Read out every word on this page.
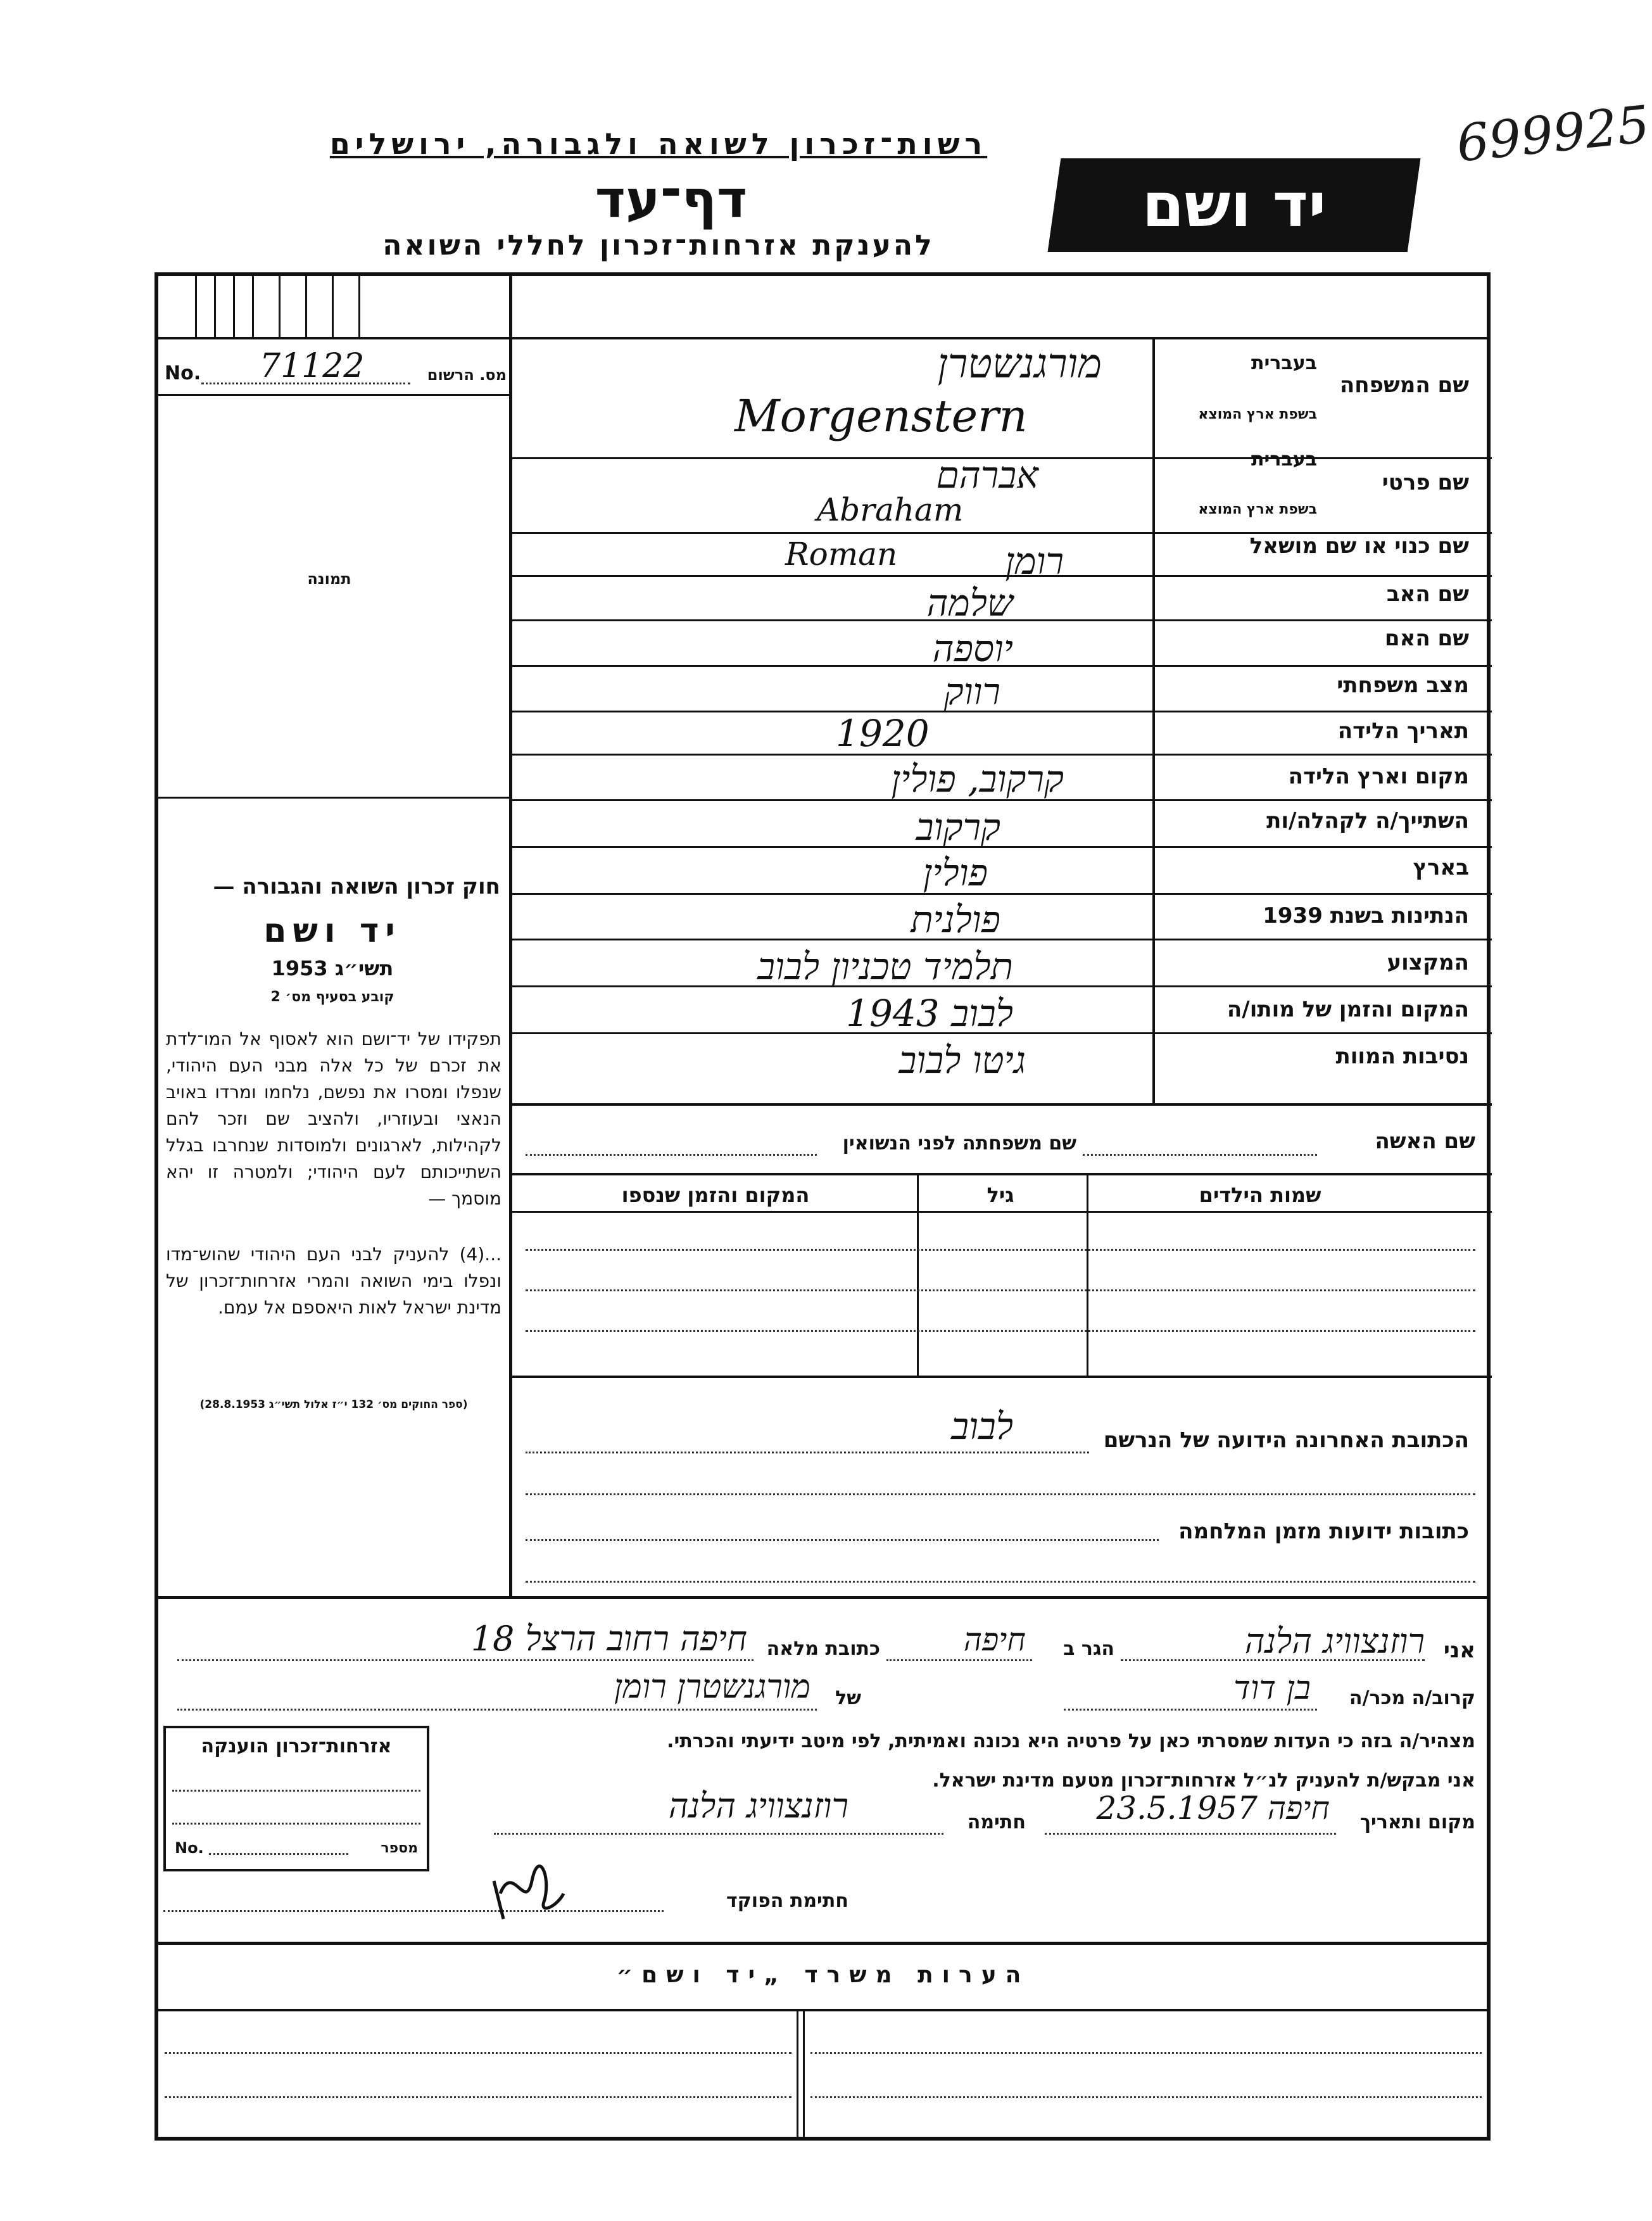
699925
רשות־זכרון לשואה ולגבורה, ירושלים
דף־עד
להענקת אזרחות־זכרון לחללי השואה
יד ושם
מס. הרשום
No. 71122
תמונה
חוק זכרון השואה והגבורה —
יד ושם
תשי״ג 1953
קובע בסעיף מס׳ 2
תפקידו של יד־ושם הוא לאסוף אל המו־לדת את זכרם של כל אלה מבני העם היהודי, שנפלו ומסרו את נפשם, נלחמו ומרדו באויב הנאצי ובעוזריו, ולהציב שם וזכר להם לקהילות, לארגונים ולמוסדות שנחרבו בגלל השתייכותם לעם היהודי; ולמטרה זו יהא מוסמך —
...(4) להעניק לבני העם היהודי שהוש־מדו ונפלו בימי השואה והמרי אזרחות־זכרון של מדינת ישראל לאות היאספם אל עמם.
(ספר החוקים מס׳ 132 י״ז אלול תשי״ג 28.8.1953)
שם המשפחה
בעברית
בשפת ארץ המוצא
שם פרטי
בעברית
בשפת ארץ המוצא
שם כנוי או שם מושאל
שם האב
שם האם
מצב משפחתי
תאריך הלידה
מקום וארץ הלידה
השתייך/ה לקהלה/ות
בארץ
הנתינות בשנת 1939
המקצוע
המקום והזמן של מותו/ה
נסיבות המוות
מורגנשטרן
Morgenstern
אברהם
Abraham
Roman	רומן
שלמה
יוספה
רווק
1920
קרקוב, פולין
קרקוב
פולין
פולנית
תלמיד טכניון לבוב
לבוב 1943
גיטו לבוב
שם האשה
שם משפחתה לפני הנשואין
שמות הילדים
גיל
המקום והזמן שנספו
הכתובת האחרונה הידועה של הנרשם
לבוב
כתובות ידועות מזמן המלחמה
אני
רוזנצוויג הלנה
הגר ב
חיפה
כתובת מלאה
חיפה רחוב הרצל 18
קרוב/ה מכר/ה
בן דוד
של
מורגנשטרן רומן
מצהיר/ה בזה כי העדות שמסרתי כאן על פרטיה היא נכונה ואמיתית, לפי מיטב ידיעתי והכרתי.
אני מבקש/ת להעניק לנ״ל אזרחות־זכרון מטעם מדינת ישראל.
מקום ותאריך
חיפה 23.5.1957
חתימה
רוזנצוויג הלנה
אזרחות־זכרון הוענקה
No.	מספר
חתימת הפוקד
הערות משרד „יד ושם״
